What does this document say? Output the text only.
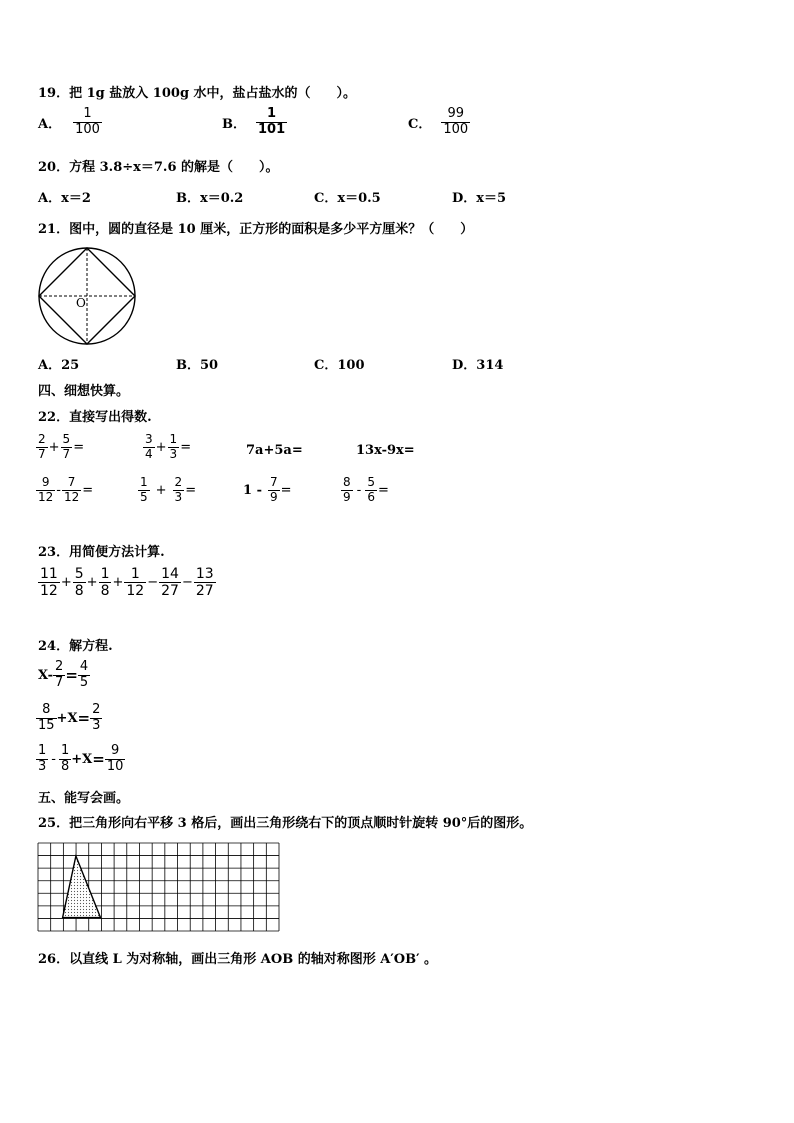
19．把 1g 盐放入 100g 水中，盐占盐水的（　　）。
A． $\frac{1}{100}$	B． $\frac{1}{101}$	C． $\frac{99}{100}$
20．方程 3.8÷x＝7.6 的解是（　　）。
A．x＝2	B．x＝0.2	C．x＝0.5	D．x＝5
21．图中，圆的直径是 10 厘米，正方形的面积是多少平方厘米？（　　）
O
A．25	B．50	C．100	D．314
四、细想快算。
22．直接写出得数.
$\frac{2}{7} + \frac{5}{7}$ =	$\frac{3}{4} + \frac{1}{3}$ =	7a+5a=	13x-9x=
$\frac{9}{12} - \frac{7}{12}$ =	$\frac{1}{5} + \frac{2}{3}$ =	$1 - \frac{7}{9}$ =	$\frac{8}{9} - \frac{5}{6}$ =
23．用简便方法计算.
$\frac{11}{12} + \frac{5}{8} + \frac{1}{8} + \frac{1}{12} - \frac{14}{27} - \frac{13}{27}$
24．解方程.
$X- \frac{2}{7} = \frac{4}{5}$
$\frac{8}{15} +X = \frac{2}{3}$
$\frac{1}{3} - \frac{1}{8} +X = \frac{9}{10}$
五、能写会画。
25．把三角形向右平移 3 格后，画出三角形绕右下的顶点顺时针旋转 90°后的图形。
26．以直线 L 为对称轴，画出三角形 AOB 的轴对称图形 A′OB′ 。
